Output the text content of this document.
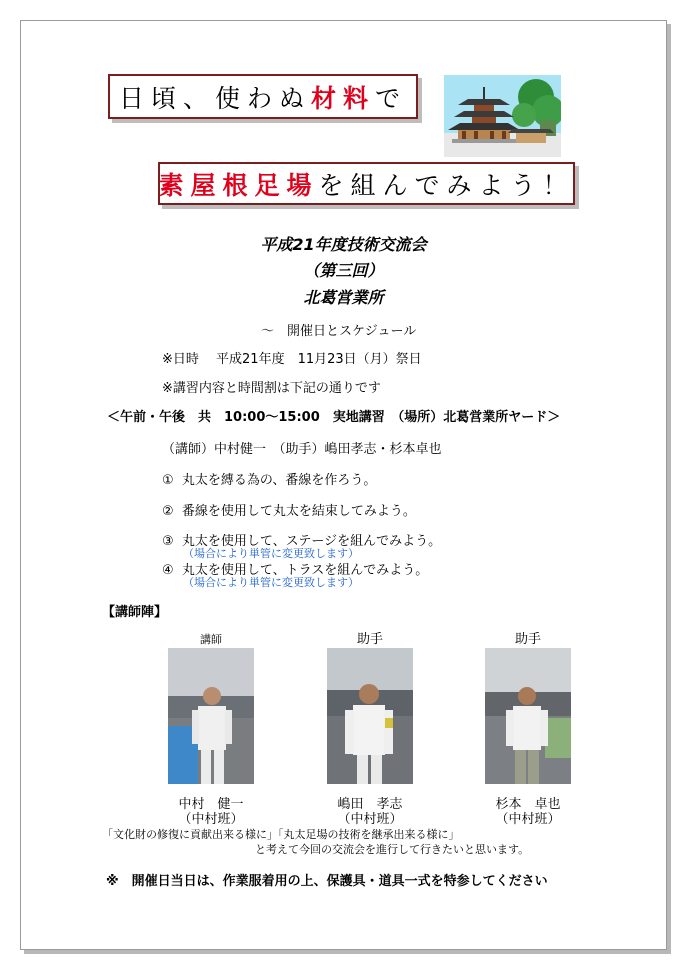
日頃、使わぬ 材料 で
素屋根足場 を組んでみよう！
平成21年度技術交流会
（第三回）
北葛営業所
～　開催日とスケジュール
※日時　 平成21年度　11月23日（月）祭日
※講習内容と時間割は下記の通りです
＜午前・午後　共　10:00～15:00　実地講習　（場所）北葛営業所ヤード＞
（講師）中村健一　（助手）嶋田孝志・杉本卓也
① 丸太を縛る為の、番線を作ろう。
② 番線を使用して丸太を結束してみよう。
③ 丸太を使用して、ステージを組んでみよう。
（場合により単管に変更致します）
④ 丸太を使用して、トラスを組んでみよう。
（場合により単管に変更致します）
【講師陣】
講師
中村　健一
（中村班）
助手
嶋田　孝志
（中村班）
助手
杉本　卓也
（中村班）
「文化財の修復に貢献出来る様に」「丸太足場の技術を継承出来る様に」
と考えて今回の交流会を進行して行きたいと思います。
※　開催日当日は、作業服着用の上、保護具・道具一式を特参してください
